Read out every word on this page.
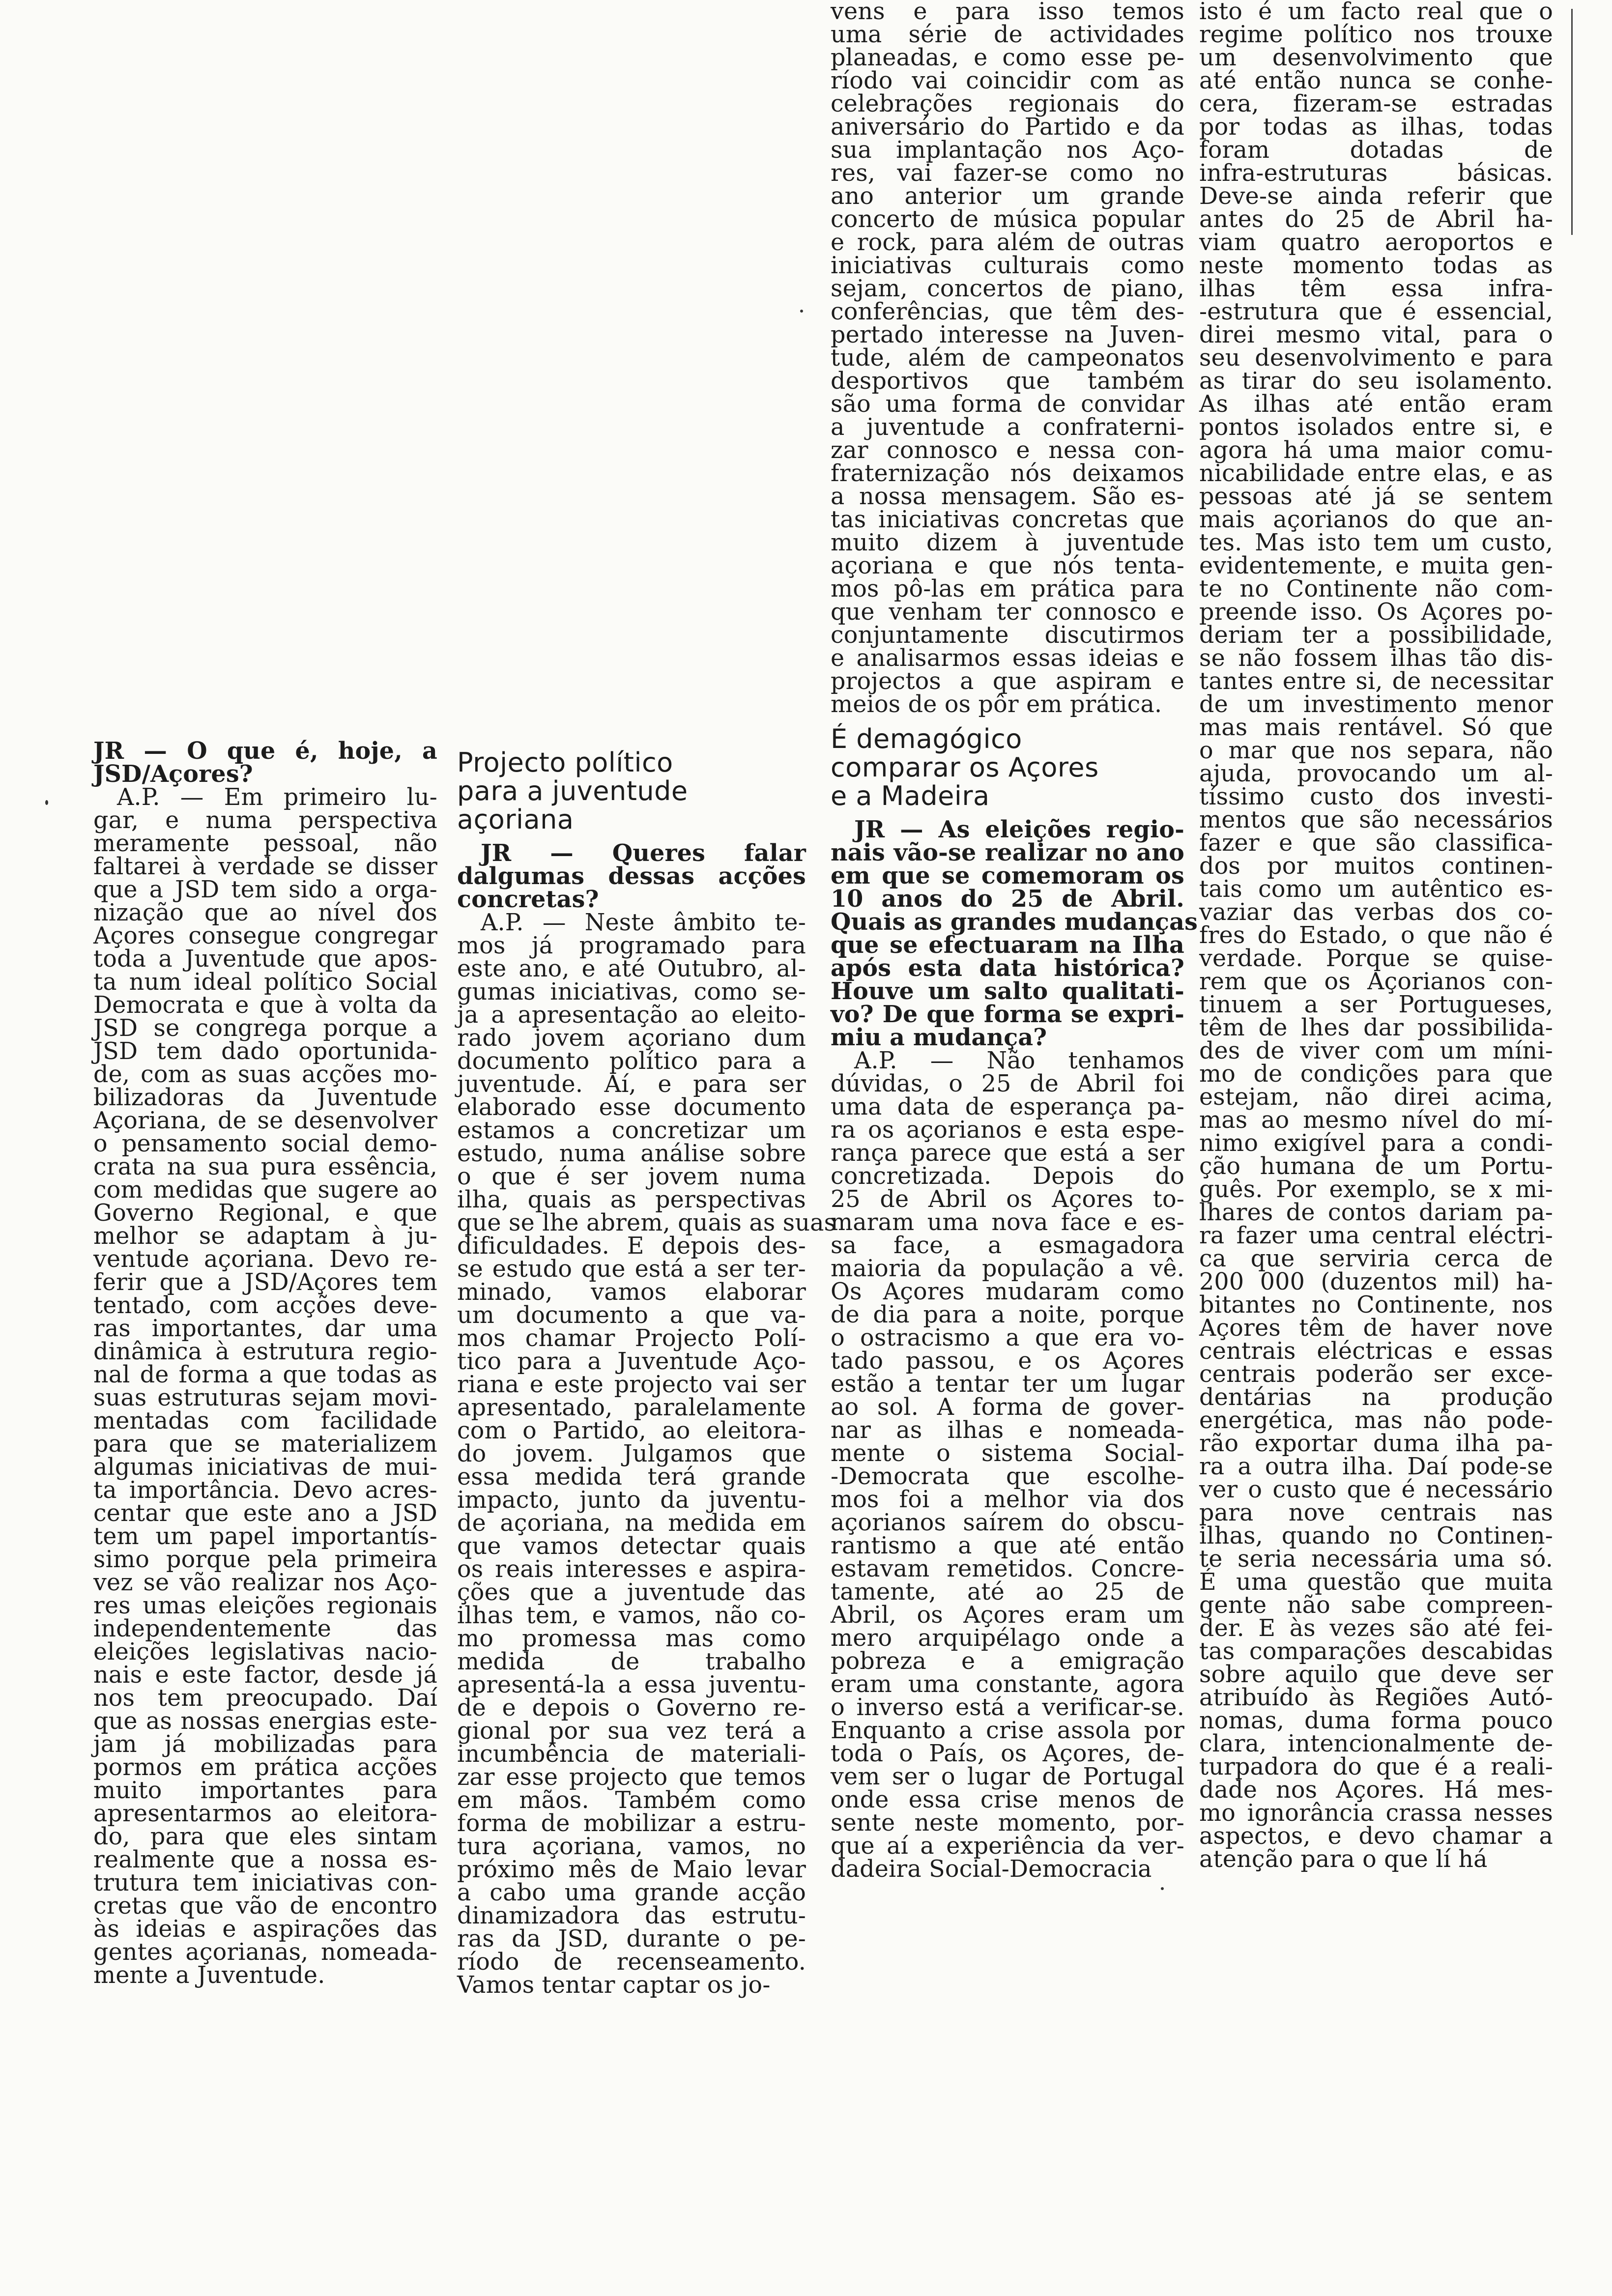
JR — O que é, hoje, a
JSD/Açores?
A.P. — Em primeiro lu-
gar, e numa perspectiva
meramente pessoal, não
faltarei à verdade se disser
que a JSD tem sido a orga-
nização que ao nível dos
Açores consegue congregar
toda a Juventude que apos-
ta num ideal político Social
Democrata e que à volta da
JSD se congrega porque a
JSD tem dado oportunida-
de, com as suas acções mo-
bilizadoras da Juventude
Açoriana, de se desenvolver
o pensamento social demo-
crata na sua pura essência,
com medidas que sugere ao
Governo Regional, e que
melhor se adaptam à ju-
ventude açoriana. Devo re-
ferir que a JSD/Açores tem
tentado, com acções deve-
ras importantes, dar uma
dinâmica à estrutura regio-
nal de forma a que todas as
suas estruturas sejam movi-
mentadas com facilidade
para que se materializem
algumas iniciativas de mui-
ta importância. Devo acres-
centar que este ano a JSD
tem um papel importantís-
simo porque pela primeira
vez se vão realizar nos Aço-
res umas eleições regionais
independentemente das
eleições legislativas nacio-
nais e este factor, desde já
nos tem preocupado. Daí
que as nossas energias este-
jam já mobilizadas para
pormos em prática acções
muito importantes para
apresentarmos ao eleitora-
do, para que eles sintam
realmente que a nossa es-
trutura tem iniciativas con-
cretas que vão de encontro
às ideias e aspirações das
gentes açorianas, nomeada-
mente a Juventude.
Projecto político
para a juventude
açoriana
JR — Queres falar
dalgumas dessas acções
concretas?
A.P. — Neste âmbito te-
mos já programado para
este ano, e até Outubro, al-
gumas iniciativas, como se-
ja a apresentação ao eleito-
rado jovem açoriano dum
documento político para a
juventude. Aí, e para ser
elaborado esse documento
estamos a concretizar um
estudo, numa análise sobre
o que é ser jovem numa
ilha, quais as perspectivas
que se lhe abrem, quais as suas
dificuldades. E depois des-
se estudo que está a ser ter-
minado, vamos elaborar
um documento a que va-
mos chamar Projecto Polí-
tico para a Juventude Aço-
riana e este projecto vai ser
apresentado, paralelamente
com o Partido, ao eleitora-
do jovem. Julgamos que
essa medida terá grande
impacto, junto da juventu-
de açoriana, na medida em
que vamos detectar quais
os reais interesses e aspira-
ções que a juventude das
ilhas tem, e vamos, não co-
mo promessa mas como
medida de trabalho
apresentá-la a essa juventu-
de e depois o Governo re-
gional por sua vez terá a
incumbência de materiali-
zar esse projecto que temos
em mãos. Também como
forma de mobilizar a estru-
tura açoriana, vamos, no
próximo mês de Maio levar
a cabo uma grande acção
dinamizadora das estrutu-
ras da JSD, durante o pe-
ríodo de recenseamento.
Vamos tentar captar os jo-
vens e para isso temos
uma série de actividades
planeadas, e como esse pe-
ríodo vai coincidir com as
celebrações regionais do
aniversário do Partido e da
sua implantação nos Aço-
res, vai fazer-se como no
ano anterior um grande
concerto de música popular
e rock, para além de outras
iniciativas culturais como
sejam, concertos de piano,
conferências, que têm des-
pertado interesse na Juven-
tude, além de campeonatos
desportivos que também
são uma forma de convidar
a juventude a confraterni-
zar connosco e nessa con-
fraternização nós deixamos
a nossa mensagem. São es-
tas iniciativas concretas que
muito dizem à juventude
açoriana e que nós tenta-
mos pô-las em prática para
que venham ter connosco e
conjuntamente discutirmos
e analisarmos essas ideias e
projectos a que aspiram e
meios de os pôr em prática.
É demagógico
comparar os Açores
e a Madeira
JR — As eleições regio-
nais vão-se realizar no ano
em que se comemoram os
10 anos do 25 de Abril.
Quais as grandes mudanças
que se efectuaram na Ilha
após esta data histórica?
Houve um salto qualitati-
vo? De que forma se expri-
miu a mudança?
A.P. — Não tenhamos
dúvidas, o 25 de Abril foi
uma data de esperança pa-
ra os açorianos e esta espe-
rança parece que está a ser
concretizada. Depois do
25 de Abril os Açores to-
maram uma nova face e es-
sa face, a esmagadora
maioria da população a vê.
Os Açores mudaram como
de dia para a noite, porque
o ostracismo a que era vo-
tado passou, e os Açores
estão a tentar ter um lugar
ao sol. A forma de gover-
nar as ilhas e nomeada-
mente o sistema Social-
-Democrata que escolhe-
mos foi a melhor via dos
açorianos saírem do obscu-
rantismo a que até então
estavam remetidos. Concre-
tamente, até ao 25 de
Abril, os Açores eram um
mero arquipélago onde a
pobreza e a emigração
eram uma constante, agora
o inverso está a verificar-se.
Enquanto a crise assola por
toda o País, os Açores, de-
vem ser o lugar de Portugal
onde essa crise menos de
sente neste momento, por-
que aí a experiência da ver-
dadeira Social-Democracia
isto é um facto real que o
regime político nos trouxe
um desenvolvimento que
até então nunca se conhe-
cera, fizeram-se estradas
por todas as ilhas, todas
foram dotadas de
infra-estruturas básicas.
Deve-se ainda referir que
antes do 25 de Abril ha-
viam quatro aeroportos e
neste momento todas as
ilhas têm essa infra-
-estrutura que é essencial,
direi mesmo vital, para o
seu desenvolvimento e para
as tirar do seu isolamento.
As ilhas até então eram
pontos isolados entre si, e
agora há uma maior comu-
nicabilidade entre elas, e as
pessoas até já se sentem
mais açorianos do que an-
tes. Mas isto tem um custo,
evidentemente, e muita gen-
te no Continente não com-
preende isso. Os Açores po-
deriam ter a possibilidade,
se não fossem ilhas tão dis-
tantes entre si, de necessitar
de um investimento menor
mas mais rentável. Só que
o mar que nos separa, não
ajuda, provocando um al-
tíssimo custo dos investi-
mentos que são necessários
fazer e que são classifica-
dos por muitos continen-
tais como um autêntico es-
vaziar das verbas dos co-
fres do Estado, o que não é
verdade. Porque se quise-
rem que os Açorianos con-
tinuem a ser Portugueses,
têm de lhes dar possibilida-
des de viver com um míni-
mo de condições para que
estejam, não direi acima,
mas ao mesmo nível do mí-
nimo exigível para a condi-
ção humana de um Portu-
guês. Por exemplo, se x mi-
lhares de contos dariam pa-
ra fazer uma central eléctri-
ca que serviria cerca de
200 000 (duzentos mil) ha-
bitantes no Continente, nos
Açores têm de haver nove
centrais eléctricas e essas
centrais poderão ser exce-
dentárias na produção
energética, mas não pode-
rão exportar duma ilha pa-
ra a outra ilha. Daí pode-se
ver o custo que é necessário
para nove centrais nas
ilhas, quando no Continen-
te seria necessária uma só.
É uma questão que muita
gente não sabe compreen-
der. E às vezes são até fei-
tas comparações descabidas
sobre aquilo que deve ser
atribuído às Regiões Autó-
nomas, duma forma pouco
clara, intencionalmente de-
turpadora do que é a reali-
dade nos Açores. Há mes-
mo ignorância crassa nesses
aspectos, e devo chamar a
atenção para o que lí há
